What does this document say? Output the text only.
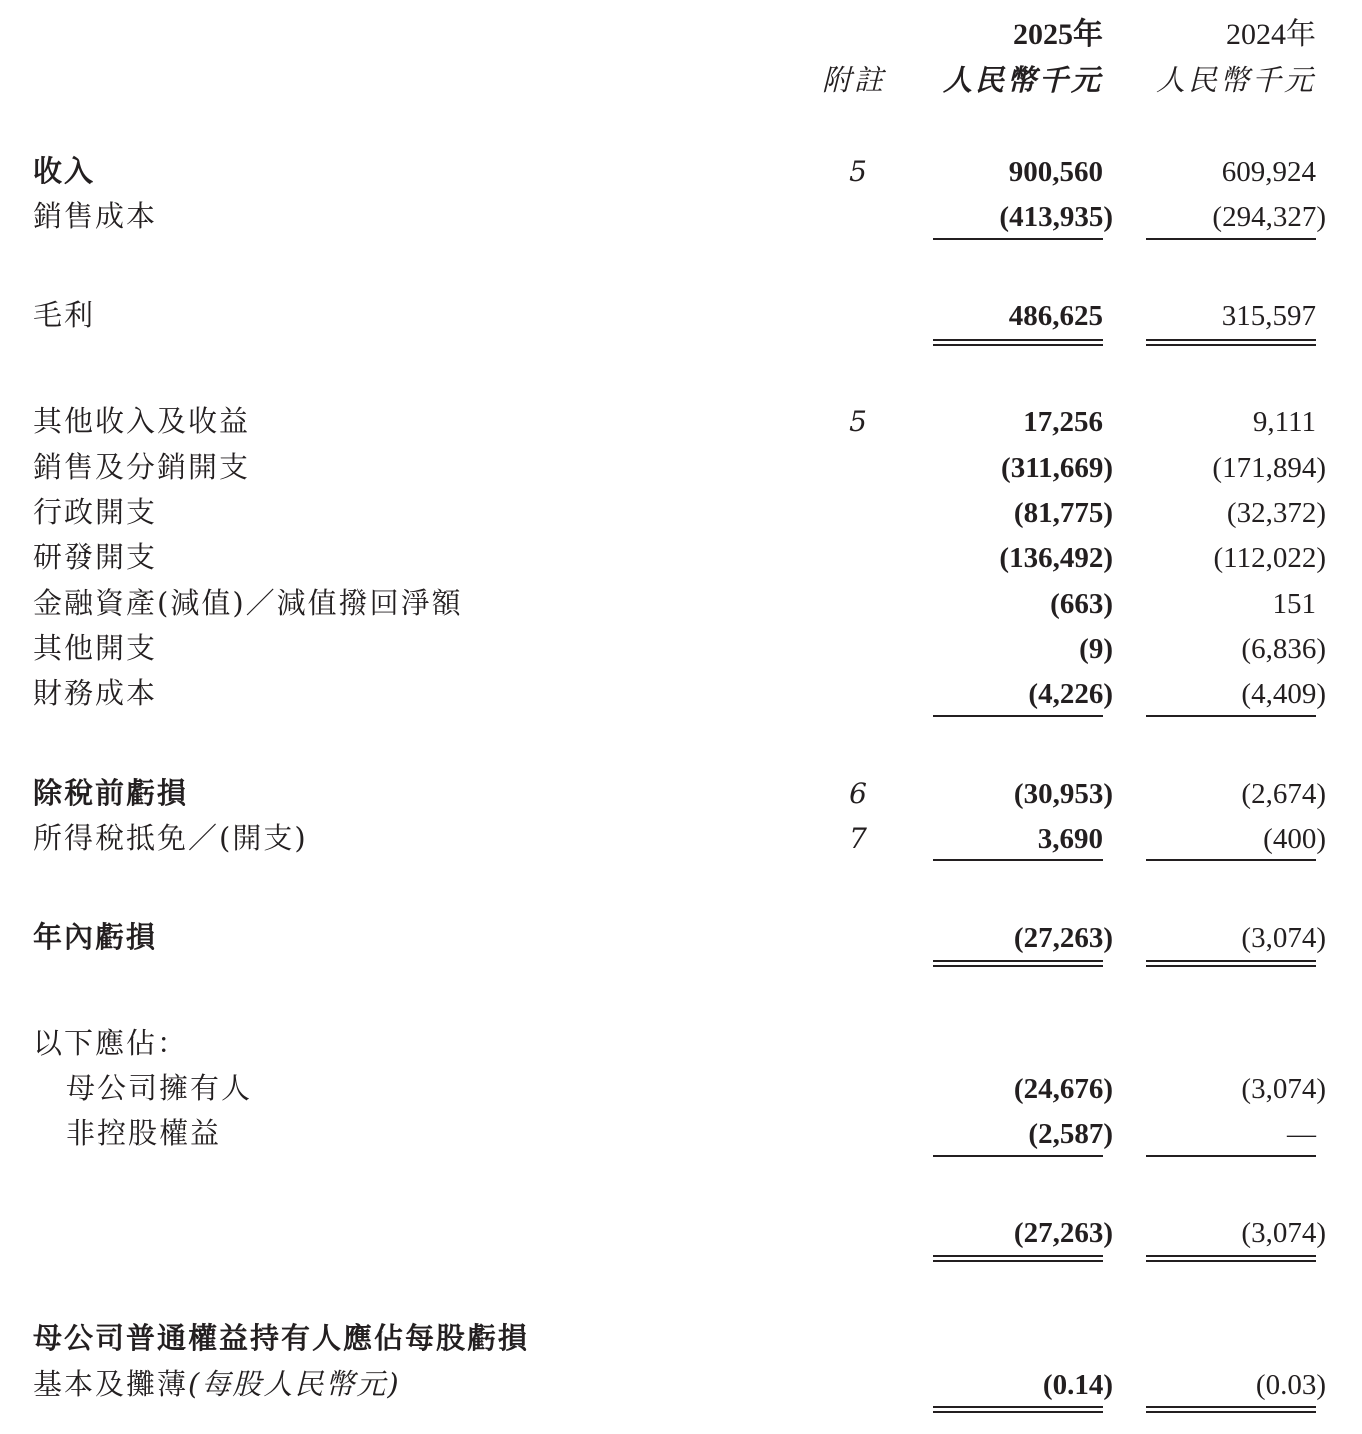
2025年	2024年
附註 人民幣千元 人民幣千元
收入	5	900,560	609,924
銷售成本	(413,935)	(294,327)
毛利	486,625	315,597
其他收入及收益	5	17,256	9,111
銷售及分銷開支	(311,669)	(171,894)
行政開支	(81,775)	(32,372)
研發開支	(136,492)	(112,022)
金融資產(減值)／減值撥回淨額	(663)	151
其他開支	(9)	(6,836)
財務成本	(4,226)	(4,409)
除稅前虧損	6	(30,953)	(2,674)
所得稅抵免／(開支)	7	3,690	(400)
年內虧損	(27,263)	(3,074)
以下應佔：
母公司擁有人	(24,676)	(3,074)
非控股權益	(2,587)	—
(27,263)	(3,074)
母公司普通權益持有人應佔每股虧損
基本及攤薄(每股人民幣元)	(0.14)	(0.03)
